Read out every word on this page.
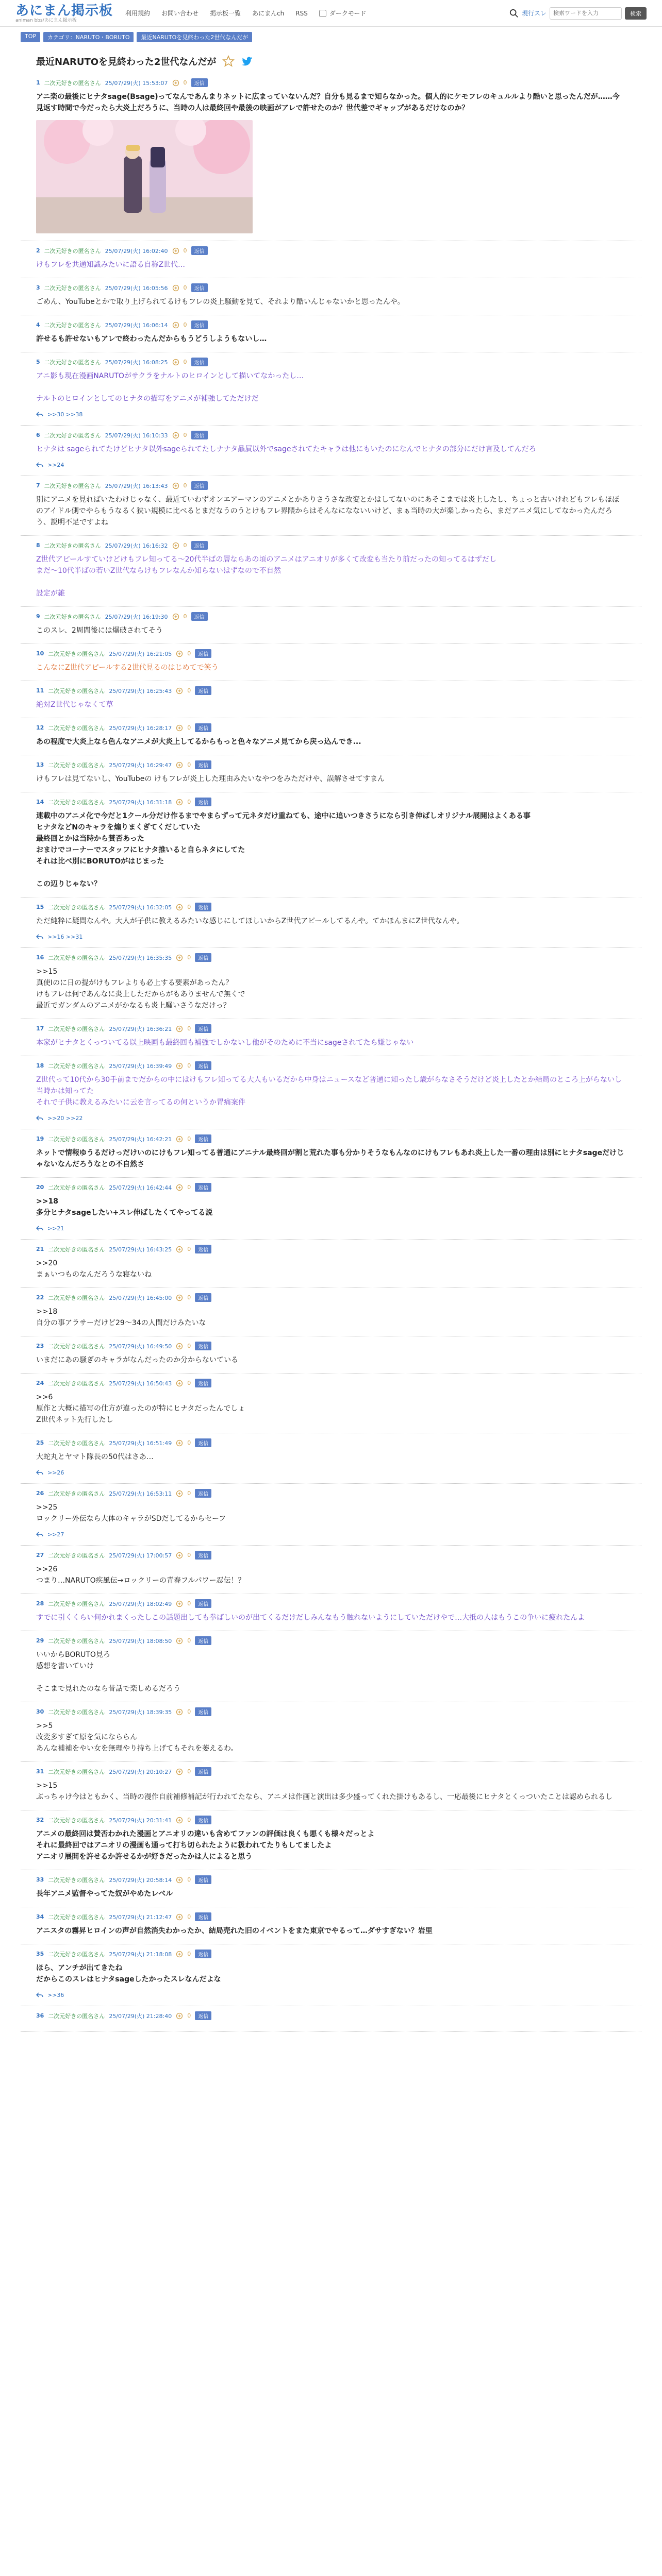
あにまん掲示板
animan bbs/あにまん掲示板
利用規約 お問い合わせ 掲示板一覧 あにまんch RSS	ダークモード	現行スレ
検索ワードを入力	検索
TOP	カテゴリ：NARUTO・BORUTO	最近NARUTOを見終わった2世代なんだが
最近NARUTOを見終わった2世代なんだが
1 二次元好きの匿名さん 25/07/29(火) 15:53:07	0	返信
アニ楽の最後にヒナタsage(Bsage)ってなんであんまりネットに広まっていないんだ？自分も見るまで知らなかった。個人的にケモフレのキュルルより酷いと思ったんだが……今見返す時間で今だったら大炎上だろうに、当時の人は最終回や最後の映画がアレで許せたのか？世代差でギャップがあるだけなのか？
2 二次元好きの匿名さん 25/07/29(火) 16:02:40	0	返信
けもフレを共通知識みたいに語る自称Z世代…
3 二次元好きの匿名さん 25/07/29(火) 16:05:56	0	返信
ごめん、YouTubeとかで取り上げられてるけもフレの炎上騒動を見て、それより酷いんじゃないかと思ったんや。
4 二次元好きの匿名さん 25/07/29(火) 16:06:14	0	返信
許せるも許せないもアレで終わったんだからもうどうしようもないし…
5 二次元好きの匿名さん 25/07/29(火) 16:08:25	0	返信
アニ影も現在漫画NARUTOがサクラをナルトのヒロインとして描いてなかったし…

ナルトのヒロインとしてのヒナタの描写をアニメが補強してただけだ
>>30 >>38
6 二次元好きの匿名さん 25/07/29(火) 16:10:33	0	返信
ヒナタは sageられてたけどヒナタ以外sageられてたしナナタ贔屓以外でsageされてたキャラは他にもいたのになんでヒナタの部分にだけ言及してんだろ
>>24
7 二次元好きの匿名さん 25/07/29(火) 16:13:43	0	返信
別にアニメを見ればいたわけじゃなく、最近ていわずオンエアーマンのアニメとかありさうさな改変とかはしてないのにあそこまでは炎上したし、ちょっと古いけれどもフレもほぼのアイドル側でやらもうなるく狭い規模に比べるとまだなうのうとけもフレ界隈からはそんなになないいけど、まぁ当時の大が楽しかったら、まだアニメ気にしてなかったんだろう、説明不足ですよね
8 二次元好きの匿名さん 25/07/29(火) 16:16:32	0	返信
Z世代アピールすていけどけもフレ知ってる〜20代半ばの層ならあの頃のアニメはアニオリが多くて改変も当たり前だったの知ってるはずだし
まだ〜10代半ばの若いZ世代ならけもフレなんか知らないはずなので不自然

設定が雑
9 二次元好きの匿名さん 25/07/29(火) 16:19:30	0	返信
このスレ、2周間後には爆破されてそう
10 二次元好きの匿名さん 25/07/29(火) 16:21:05	0	返信
こんなにZ世代アピールする2世代見るのはじめてで笑う
11 二次元好きの匿名さん 25/07/29(火) 16:25:43	0	返信
絶対Z世代じゃなくて草
12 二次元好きの匿名さん 25/07/29(火) 16:28:17	0	返信
あの程度で大炎上なら色んなアニメが大炎上してるからもっと色々なアニメ見てから戻っ込んでき...
13 二次元好きの匿名さん 25/07/29(火) 16:29:47	0	返信
けもフレは見てないし、YouTubeの けもフレが炎上した理由みたいなやつをみただけや、誤解させてすまん
14 二次元好きの匿名さん 25/07/29(火) 16:31:18	0	返信
連載中のアニメ化で今だと1クール分だけ作るまでやまらずって元ネタだけ重ねても、途中に追いつきさうになら引き伸ばしオリジナル展開はよくある事
ヒナタなどNのキャラを煽りまくぎてくだしていた
最終回とかは当時から賛否あった
おまけでコーナーでスタッフにヒナタ推いると自らネタにしてた
それは比べ別にBORUTOがはじまった

この辺りじゃない？
15 二次元好きの匿名さん 25/07/29(火) 16:32:05	0	返信
ただ純粋に疑問なんや。大人が子供に教えるみたいな感じにしてほしいからZ世代アピールしてるんや。てかほんまにZ世代なんや。
>>16 >>31
16 二次元好きの匿名さん 25/07/29(火) 16:35:35	0	返信
>>15
真使Iのに日の提がけもフレよりも必上する要素があったん？
けもフレは何であんなに炎上しただからがもありませんで無くで
最近でガンダムのアニメがかなるも炎上騒いさうなだけっ？
17 二次元好きの匿名さん 25/07/29(火) 16:36:21	0	返信
本家がヒナタとくっついてる以上映画も最終回も補強でしかないし他がそのために不当にsageされてたら嫌じゃない
18 二次元好きの匿名さん 25/07/29(火) 16:39:49	0	返信
Z世代って10代から30手前までだからの中にはけもフレ知ってる大人もいるだから中身はニュースなど普通に知ったし歳がらなさそうだけど炎上したとか結局のところ上がらないし当時かは知ってた
それで子供に教えるみたいに云を言ってるの何というか胃痛案件
>>20 >>22
19 二次元好きの匿名さん 25/07/29(火) 16:42:21	0	返信
ネットで情報ゆうるだけっだけいのにけもフレ知ってる普通にアニナル最終回が割と荒れた事も分かりそうなもんなのにけもフレもあれ炎上した一番の理由は別にヒナタsageだけじゃないなんだろうなとの不自然さ
20 二次元好きの匿名さん 25/07/29(火) 16:42:44	0	返信
>>18
多分ヒナタsageしたい+スレ伸ばしたくてやってる説
>>21
21 二次元好きの匿名さん 25/07/29(火) 16:43:25	0	返信
>>20
まぁいつものなんだろうな寝ないね
22 二次元好きの匿名さん 25/07/29(火) 16:45:00	0	返信
>>18
自分の事アラサーだけど29〜34の人間だけみたいな
23 二次元好きの匿名さん 25/07/29(火) 16:49:50	0	返信
いまだにあの騒ぎのキャラがなんだったのか分からないている
24 二次元好きの匿名さん 25/07/29(火) 16:50:43	0	返信
>>6
原作と大概に描写の仕方が違ったのが特にヒナタだったんでしょ
Z世代ネット先行したし
25 二次元好きの匿名さん 25/07/29(火) 16:51:49	0	返信
大蛇丸とヤマト隊長の50代はさあ…
>>26
26 二次元好きの匿名さん 25/07/29(火) 16:53:11	0	返信
>>25
ロックリー外伝なら大体のキャラがSDだしてるからセーフ
>>27
27 二次元好きの匿名さん 25/07/29(火) 17:00:57	0	返信
>>26
つまり…NARUTO疾風伝→ロックリーの青春フルパワー忍伝！？
28 二次元好きの匿名さん 25/07/29(火) 18:02:49	0	返信
すでに引くくらい何かれまくったしこの話題出しても拳ばしいのが出てくるだけだしみんなもう触れないようにしていただけやで…大抵の人はもうこの争いに疲れたんよ
29 二次元好きの匿名さん 25/07/29(火) 18:08:50	0	返信
いいからBORUTO見ろ
感想を書いていけ

そこまで見れたのなら昔話で楽しめるだろう
30 二次元好きの匿名さん 25/07/29(火) 18:39:35	0	返信
>>5
改変多すぎて原を気になららん
あんな補補をやい女を無理やり持ち上げてもそれを萎えるわ。
31 二次元好きの匿名さん 25/07/29(火) 20:10:27	0	返信
>>15
ぶっちゃけ今はともかく、当時の漫作自前補修補記が行われてたなら、アニメは作画と演出は多少盛ってくれた掛けもあるし、一応最後にヒナタとくっついたことは認められるし
32 二次元好きの匿名さん 25/07/29(火) 20:31:41	0	返信
アニメの最終回は賛否わかれた漫画とアニオリの違いも含めてファンの評価は良くも悪くも様々だっとよ
それに最終回ではアニオリの漫画も通って打ち切られたように扱われてたりもしてましたよ
アニオリ展開を許せるか許せるかが好きだったかは人によると思う
33 二次元好きの匿名さん 25/07/29(火) 20:58:14	0	返信
長年アニメ監督やってた奴がやめたレベル
34 二次元好きの匿名さん 25/07/29(火) 21:12:47	0	返信
アニスタの霧昇ヒロインの声が自然消失わかったか、結局売れた旧のイベントをまた東京でやるって…ダサすぎない？岩里
35 二次元好きの匿名さん 25/07/29(火) 21:18:08	0	返信
ほら、アンチが出てきたね
だからこのスレはヒナタsageしたかったスレなんだよな
>>36
36 二次元好きの匿名さん 25/07/29(火) 21:28:40	0	返信
